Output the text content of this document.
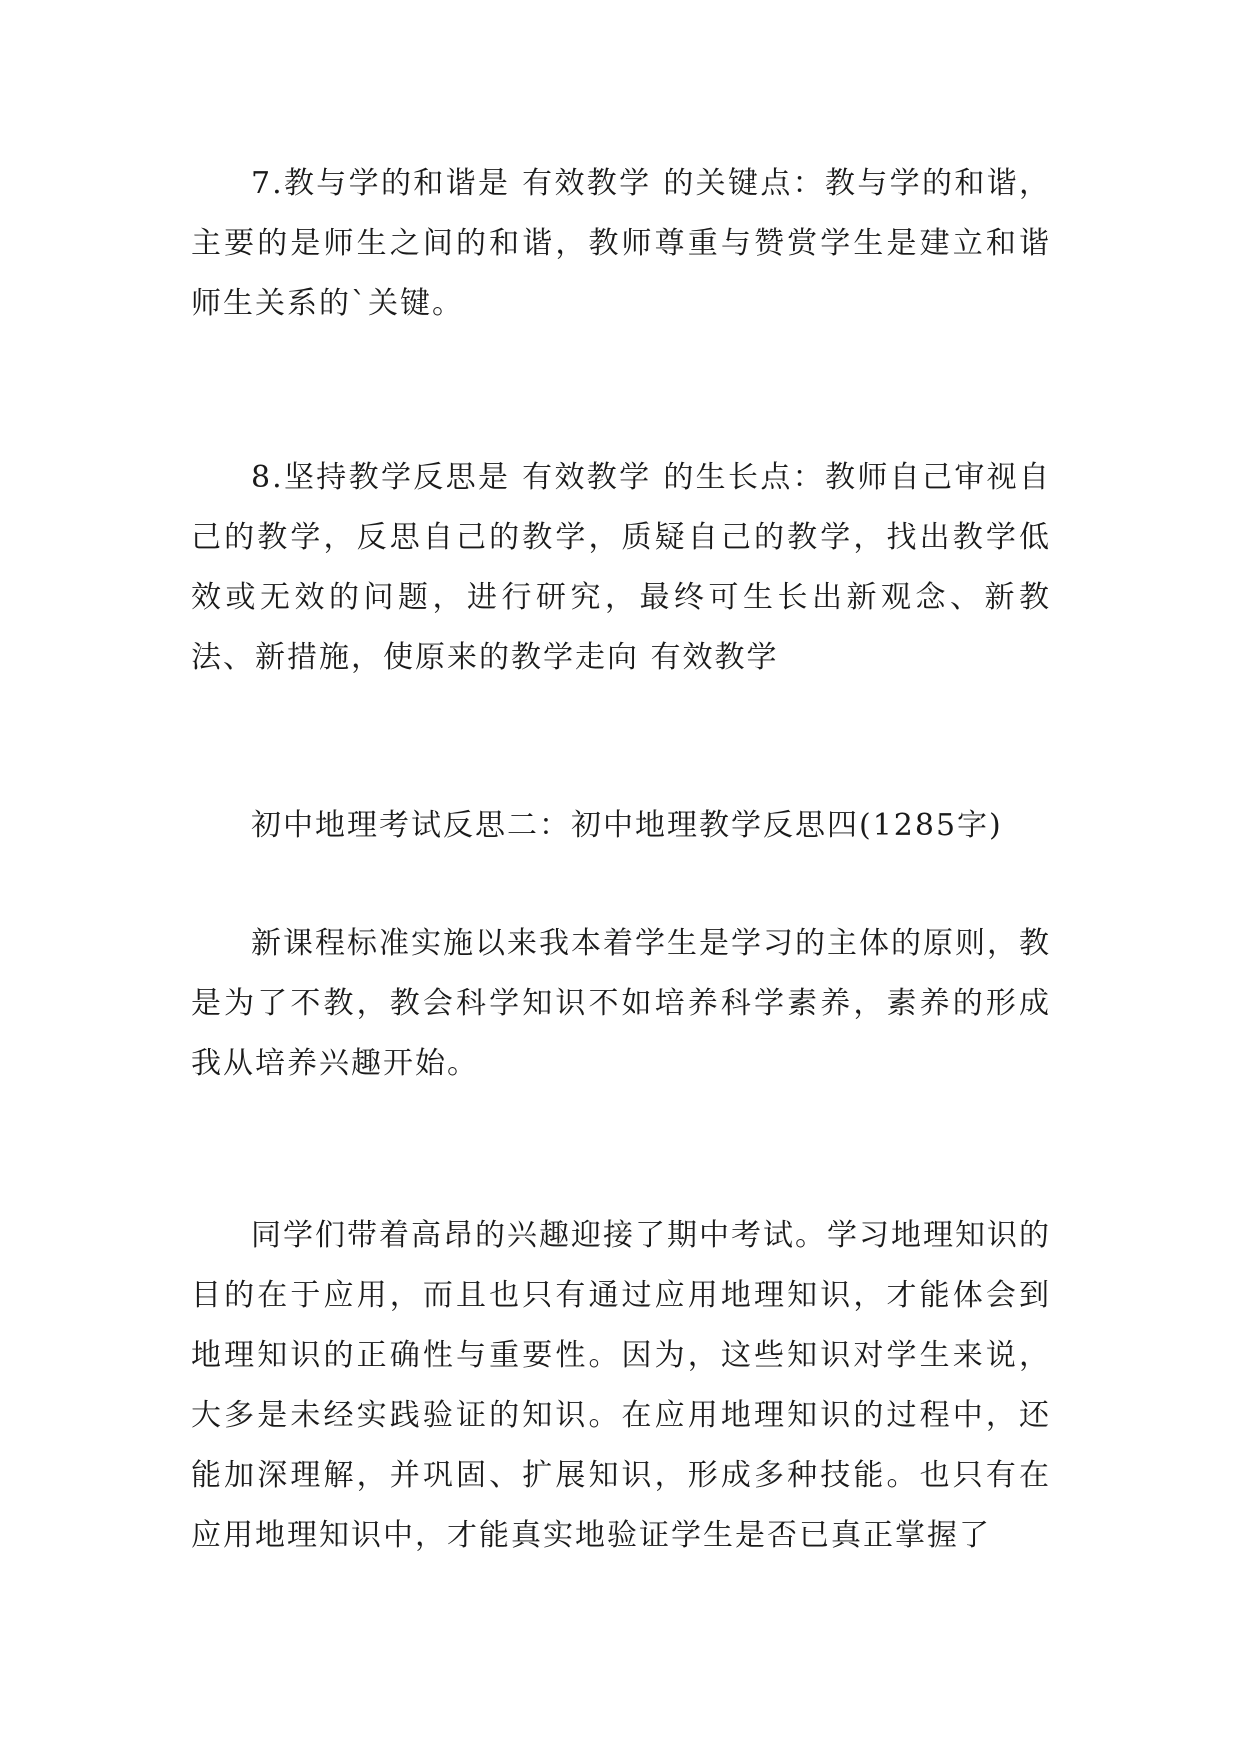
7.教与学的和谐是 有效教学 的关键点：教与学的和谐，主要的是师生之间的和谐，教师尊重与赞赏学生是建立和谐师生关系的`关键。

8.坚持教学反思是 有效教学 的生长点：教师自己审视自己的教学，反思自己的教学，质疑自己的教学，找出教学低效或无效的问题，进行研究，最终可生长出新观念、新教法、新措施，使原来的教学走向 有效教学

初中地理考试反思二：初中地理教学反思四(1285字)

新课程标准实施以来我本着学生是学习的主体的原则，教是为了不教，教会科学知识不如培养科学素养，素养的形成我从培养兴趣开始。

同学们带着高昂的兴趣迎接了期中考试。学习地理知识的目的在于应用，而且也只有通过应用地理知识，才能体会到地理知识的正确性与重要性。因为，这些知识对学生来说，大多是未经实践验证的知识。在应用地理知识的过程中，还能加深理解，并巩固、扩展知识，形成多种技能。也只有在应用地理知识中，才能真实地验证学生是否已真正掌握了
